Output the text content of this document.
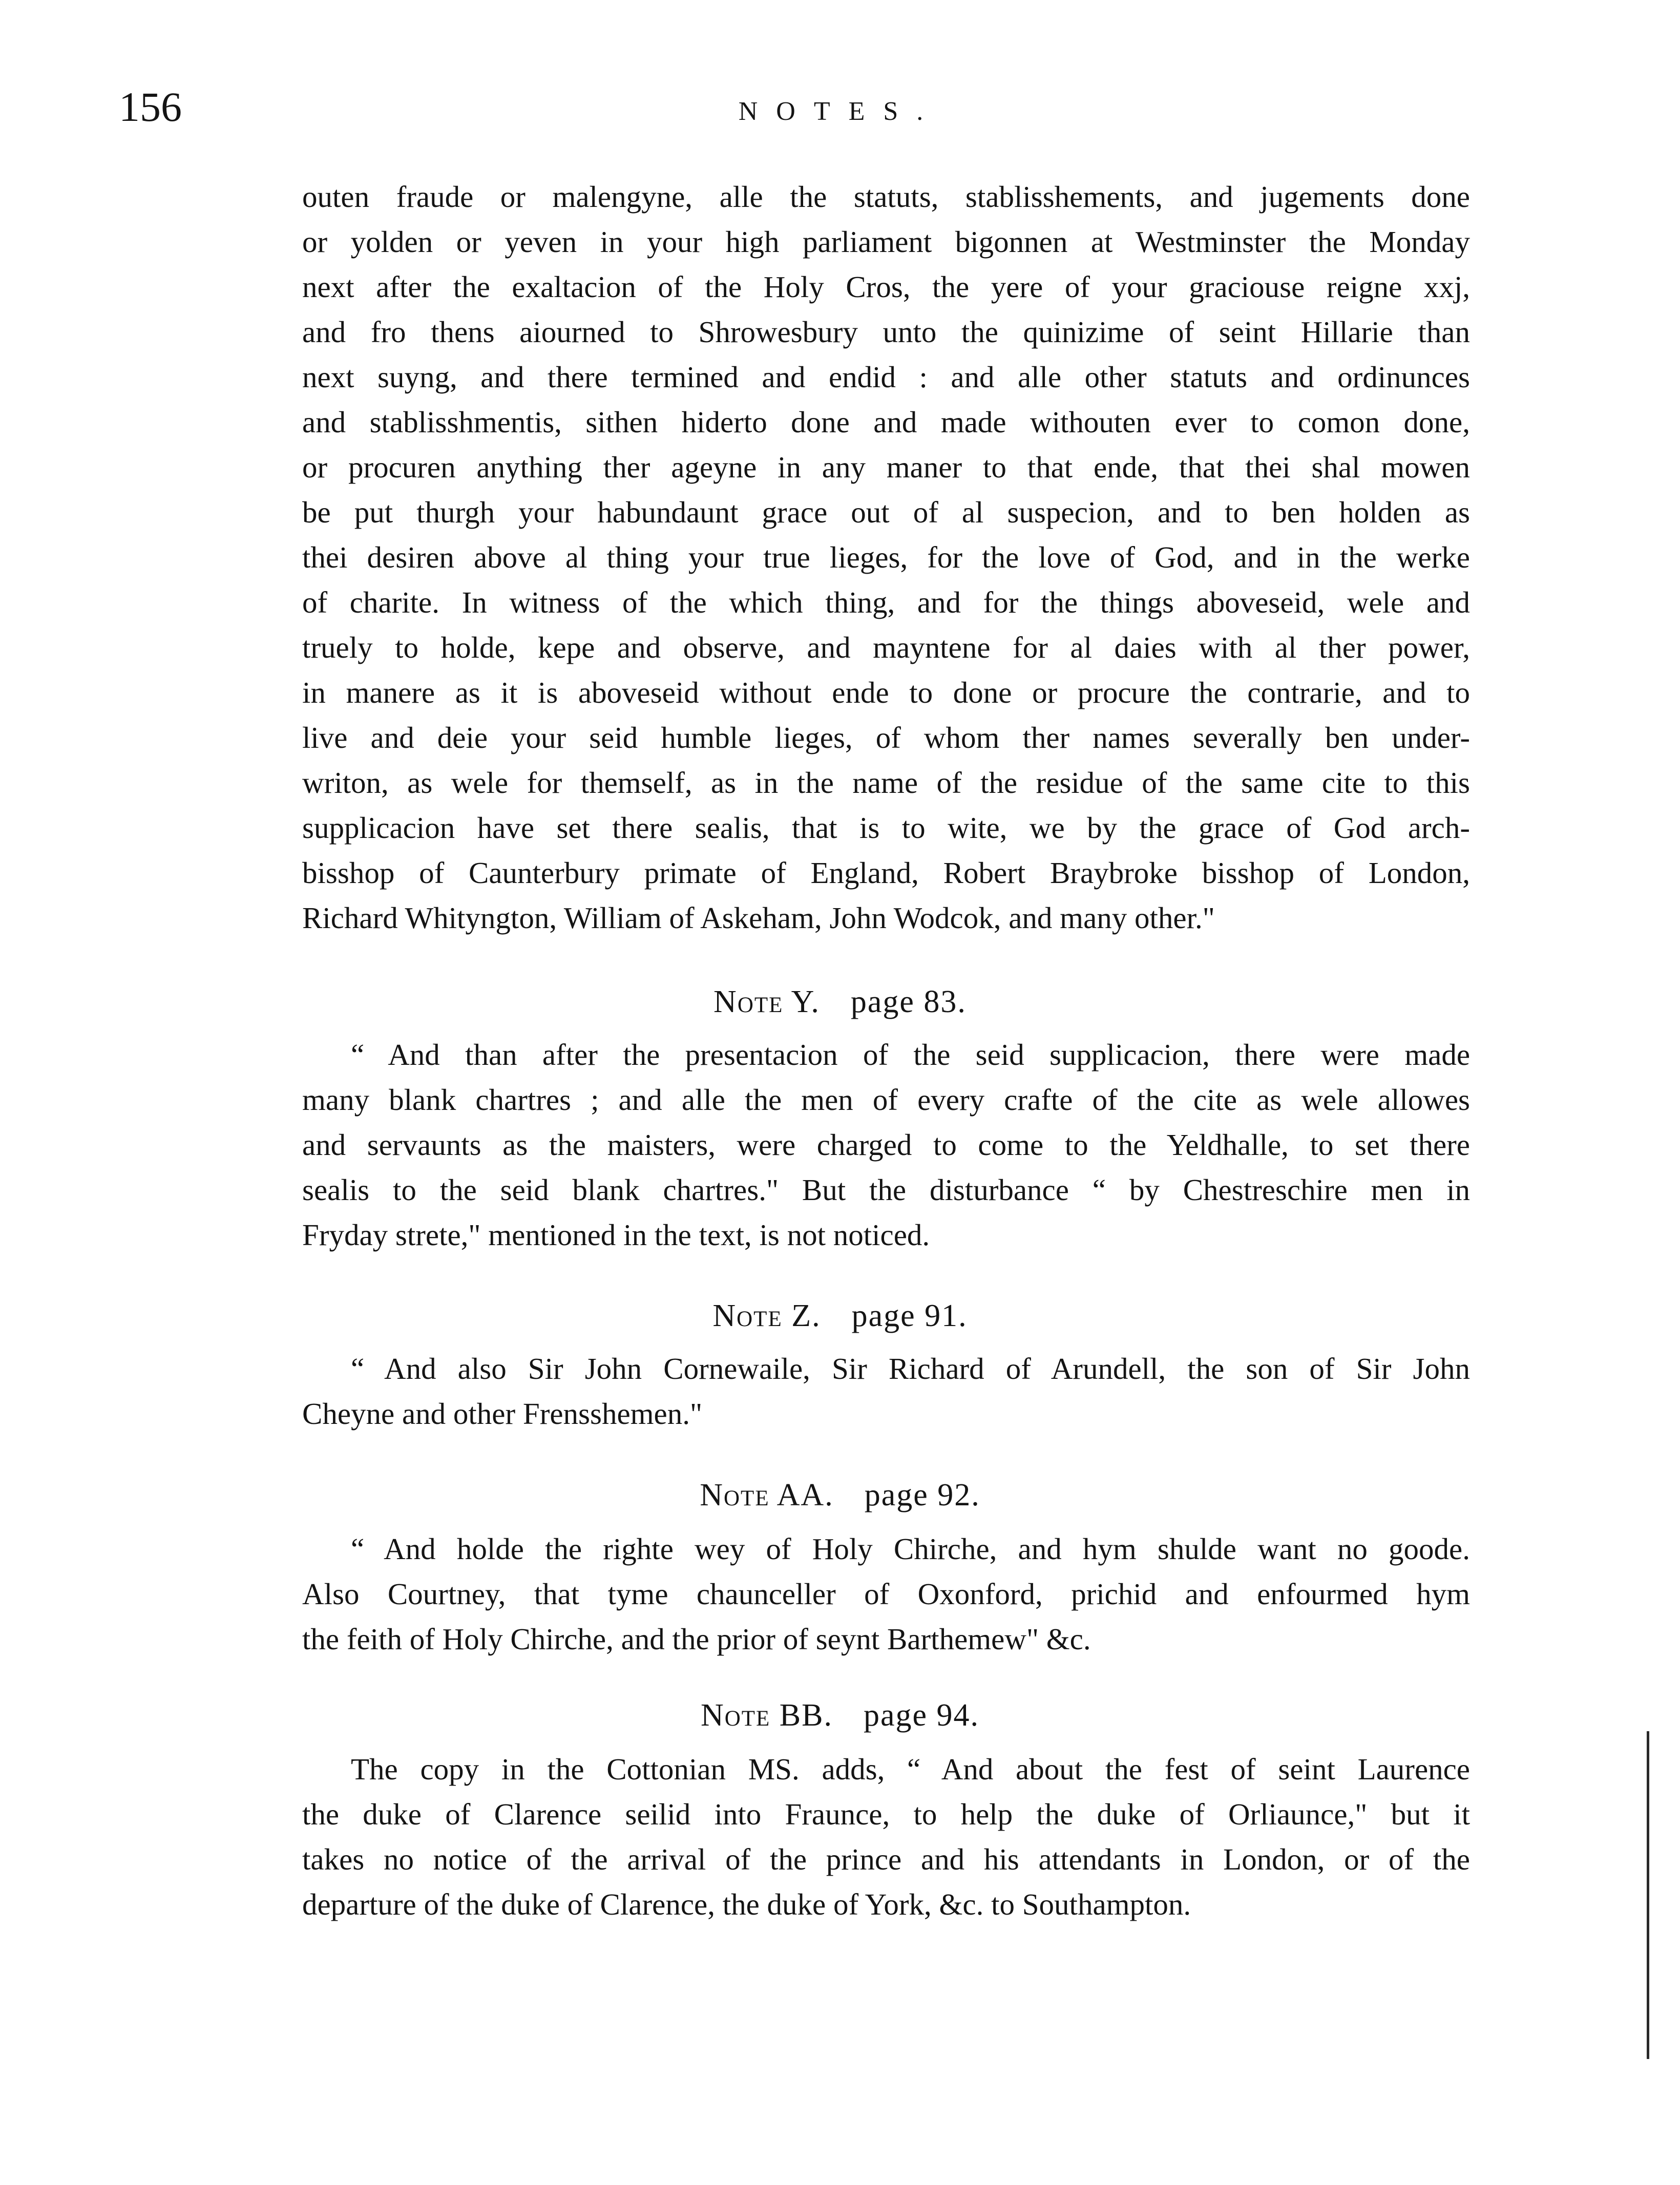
156	NOTES.
outen fraude or malengyne, alle the statuts, stablisshements, and jugements done
or yolden or yeven in your high parliament bigonnen at Westminster the Monday
next after the exaltacion of the Holy Cros, the yere of your graciouse reigne xxj,
and fro thens aiourned to Shrowesbury unto the quinizime of seint Hillarie than
next suyng, and there termined and endid : and alle other statuts and ordinunces
and stablisshmentis, sithen hiderto done and made withouten ever to comon done,
or procuren anything ther ageyne in any maner to that ende, that thei shal mowen
be put thurgh your habundaunt grace out of al suspecion, and to ben holden as
thei desiren above al thing your true lieges, for the love of God, and in the werke
of charite. In witness of the which thing, and for the things aboveseid, wele and
truely to holde, kepe and observe, and mayntene for al daies with al ther power,
in manere as it is aboveseid without ende to done or procure the contrarie, and to
live and deie your seid humble lieges, of whom ther names severally ben under-
writon, as wele for themself, as in the name of the residue of the same cite to this
supplicacion have set there sealis, that is to wite, we by the grace of God arch-
bisshop of Caunterbury primate of England, Robert Braybroke bisshop of London,
Richard Whityngton, William of Askeham, John Wodcok, and many other."
Note Y. page 83.
“ And than after the presentacion of the seid supplicacion, there were made
many blank chartres ; and alle the men of every crafte of the cite as wele allowes
and servaunts as the maisters, were charged to come to the Yeldhalle, to set there
sealis to the seid blank chartres." But the disturbance “ by Chestreschire men in
Fryday strete," mentioned in the text, is not noticed.
Note Z. page 91.
“ And also Sir John Cornewaile, Sir Richard of Arundell, the son of Sir John
Cheyne and other Frensshemen."
Note AA. page 92.
“ And holde the righte wey of Holy Chirche, and hym shulde want no goode.
Also Courtney, that tyme chaunceller of Oxonford, prichid and enfourmed hym
the feith of Holy Chirche, and the prior of seynt Barthemew" &c.
Note BB. page 94.
The copy in the Cottonian MS. adds, “ And about the fest of seint Laurence
the duke of Clarence seilid into Fraunce, to help the duke of Orliaunce," but it
takes no notice of the arrival of the prince and his attendants in London, or of the
departure of the duke of Clarence, the duke of York, &c. to Southampton.
